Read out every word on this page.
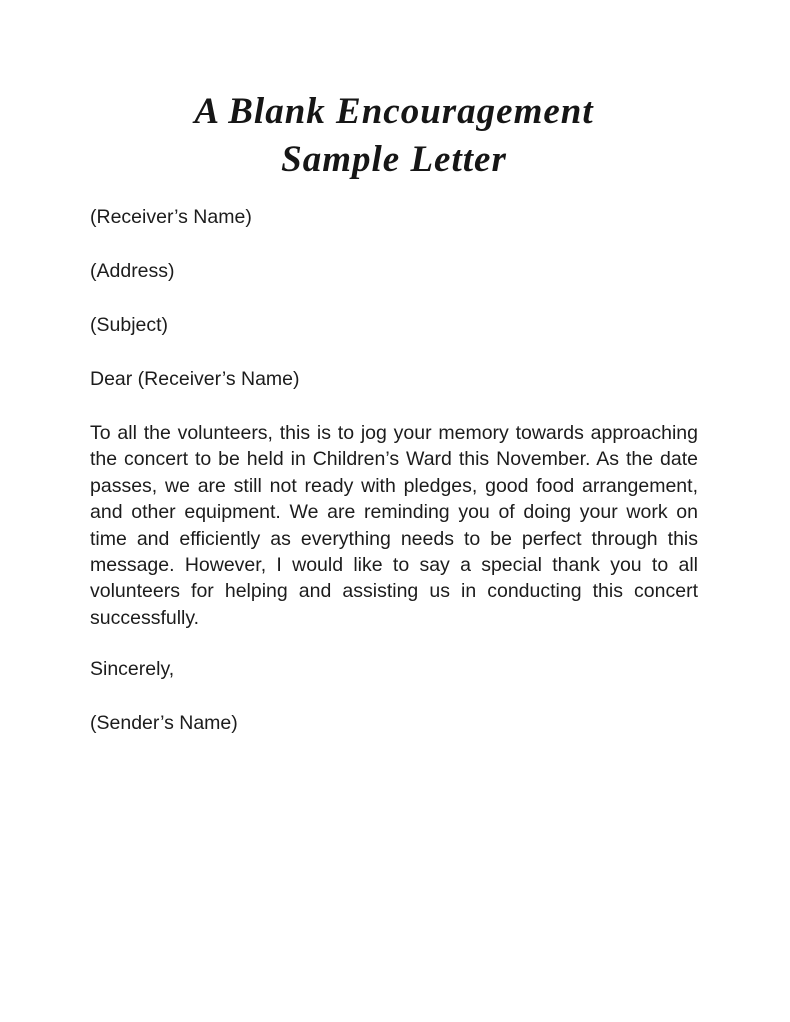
A Blank Encouragement
Sample Letter

(Receiver’s Name)

(Address)

(Subject)

Dear (Receiver’s Name)

To all the volunteers, this is to jog your memory towards approaching the concert to be held in Children’s Ward this November. As the date passes, we are still not ready with pledges, good food arrangement, and other equipment. We are reminding you of doing your work on time and efficiently as everything needs to be perfect through this message. However, I would like to say a special thank you to all volunteers for helping and assisting us in conducting this concert successfully.

Sincerely,

(Sender’s Name)
